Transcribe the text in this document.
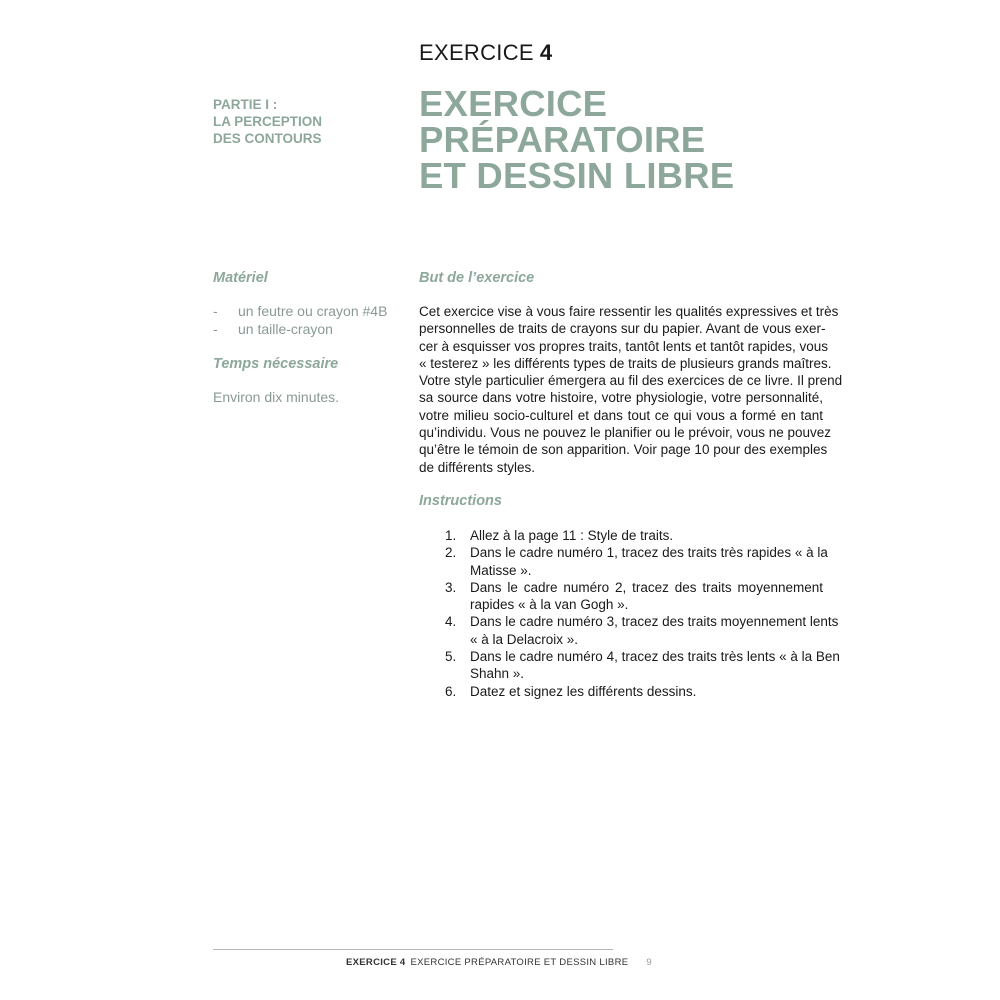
EXERCICE 4
PARTIE I :
LA PERCEPTION
DES CONTOURS
EXERCICE
PRÉPARATOIRE
ET DESSIN LIBRE
Matériel
- un feutre ou crayon #4B
- un taille-crayon
Temps nécessaire
Environ dix minutes.
But de l’exercice
Cet exercice vise à vous faire ressentir les qualités expressives et très
personnelles de traits de crayons sur du papier. Avant de vous exer-
cer à esquisser vos propres traits, tantôt lents et tantôt rapides, vous
« testerez » les différents types de traits de plusieurs grands maîtres.
Votre style particulier émergera au fil des exercices de ce livre. Il prend
sa source dans votre histoire, votre physiologie, votre personnalité,
votre milieu socio-culturel et dans tout ce qui vous a formé en tant
qu’individu. Vous ne pouvez le planifier ou le prévoir, vous ne pouvez
qu’être le témoin de son apparition. Voir page 10 pour des exemples
de différents styles.
Instructions
1. Allez à la page 11 : Style de traits.
2. Dans le cadre numéro 1, tracez des traits très rapides « à la
Matisse ».
3. Dans le cadre numéro 2, tracez des traits moyennement
rapides « à la van Gogh ».
4. Dans le cadre numéro 3, tracez des traits moyennement lents
« à la Delacroix ».
5. Dans le cadre numéro 4, tracez des traits très lents « à la Ben
Shahn ».
6. Datez et signez les différents dessins.
EXERCICE 4 EXERCICE PRÉPARATOIRE ET DESSIN LIBRE 9
